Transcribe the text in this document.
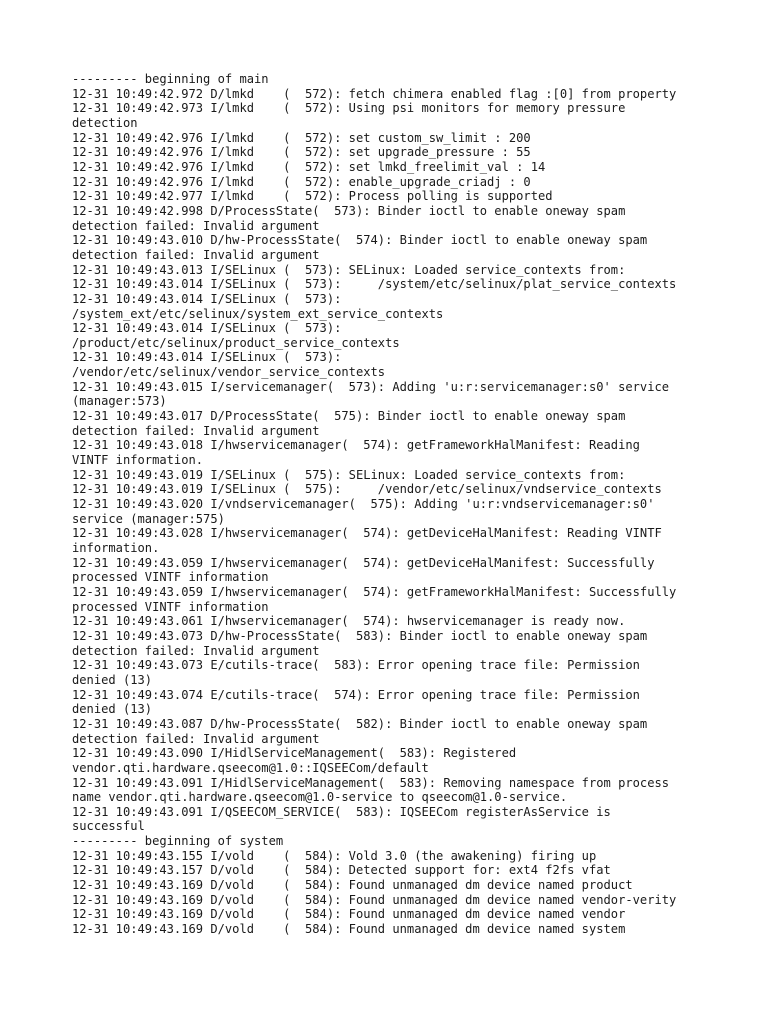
--------- beginning of main
12-31 10:49:42.972 D/lmkd    (  572): fetch chimera enabled flag :[0] from property
12-31 10:49:42.973 I/lmkd    (  572): Using psi monitors for memory pressure
detection
12-31 10:49:42.976 I/lmkd    (  572): set custom_sw_limit : 200
12-31 10:49:42.976 I/lmkd    (  572): set upgrade_pressure : 55
12-31 10:49:42.976 I/lmkd    (  572): set lmkd_freelimit_val : 14
12-31 10:49:42.976 I/lmkd    (  572): enable_upgrade_criadj : 0
12-31 10:49:42.977 I/lmkd    (  572): Process polling is supported
12-31 10:49:42.998 D/ProcessState(  573): Binder ioctl to enable oneway spam
detection failed: Invalid argument
12-31 10:49:43.010 D/hw-ProcessState(  574): Binder ioctl to enable oneway spam
detection failed: Invalid argument
12-31 10:49:43.013 I/SELinux (  573): SELinux: Loaded service_contexts from:
12-31 10:49:43.014 I/SELinux (  573):     /system/etc/selinux/plat_service_contexts
12-31 10:49:43.014 I/SELinux (  573):
/system_ext/etc/selinux/system_ext_service_contexts
12-31 10:49:43.014 I/SELinux (  573):
/product/etc/selinux/product_service_contexts
12-31 10:49:43.014 I/SELinux (  573):
/vendor/etc/selinux/vendor_service_contexts
12-31 10:49:43.015 I/servicemanager(  573): Adding 'u:r:servicemanager:s0' service
(manager:573)
12-31 10:49:43.017 D/ProcessState(  575): Binder ioctl to enable oneway spam
detection failed: Invalid argument
12-31 10:49:43.018 I/hwservicemanager(  574): getFrameworkHalManifest: Reading
VINTF information.
12-31 10:49:43.019 I/SELinux (  575): SELinux: Loaded service_contexts from:
12-31 10:49:43.019 I/SELinux (  575):     /vendor/etc/selinux/vndservice_contexts
12-31 10:49:43.020 I/vndservicemanager(  575): Adding 'u:r:vndservicemanager:s0'
service (manager:575)
12-31 10:49:43.028 I/hwservicemanager(  574): getDeviceHalManifest: Reading VINTF
information.
12-31 10:49:43.059 I/hwservicemanager(  574): getDeviceHalManifest: Successfully
processed VINTF information
12-31 10:49:43.059 I/hwservicemanager(  574): getFrameworkHalManifest: Successfully
processed VINTF information
12-31 10:49:43.061 I/hwservicemanager(  574): hwservicemanager is ready now.
12-31 10:49:43.073 D/hw-ProcessState(  583): Binder ioctl to enable oneway spam
detection failed: Invalid argument
12-31 10:49:43.073 E/cutils-trace(  583): Error opening trace file: Permission
denied (13)
12-31 10:49:43.074 E/cutils-trace(  574): Error opening trace file: Permission
denied (13)
12-31 10:49:43.087 D/hw-ProcessState(  582): Binder ioctl to enable oneway spam
detection failed: Invalid argument
12-31 10:49:43.090 I/HidlServiceManagement(  583): Registered
vendor.qti.hardware.qseecom@1.0::IQSEECom/default
12-31 10:49:43.091 I/HidlServiceManagement(  583): Removing namespace from process
name vendor.qti.hardware.qseecom@1.0-service to qseecom@1.0-service.
12-31 10:49:43.091 I/QSEECOM_SERVICE(  583): IQSEECom registerAsService is
successful
--------- beginning of system
12-31 10:49:43.155 I/vold    (  584): Vold 3.0 (the awakening) firing up
12-31 10:49:43.157 D/vold    (  584): Detected support for: ext4 f2fs vfat
12-31 10:49:43.169 D/vold    (  584): Found unmanaged dm device named product
12-31 10:49:43.169 D/vold    (  584): Found unmanaged dm device named vendor-verity
12-31 10:49:43.169 D/vold    (  584): Found unmanaged dm device named vendor
12-31 10:49:43.169 D/vold    (  584): Found unmanaged dm device named system
